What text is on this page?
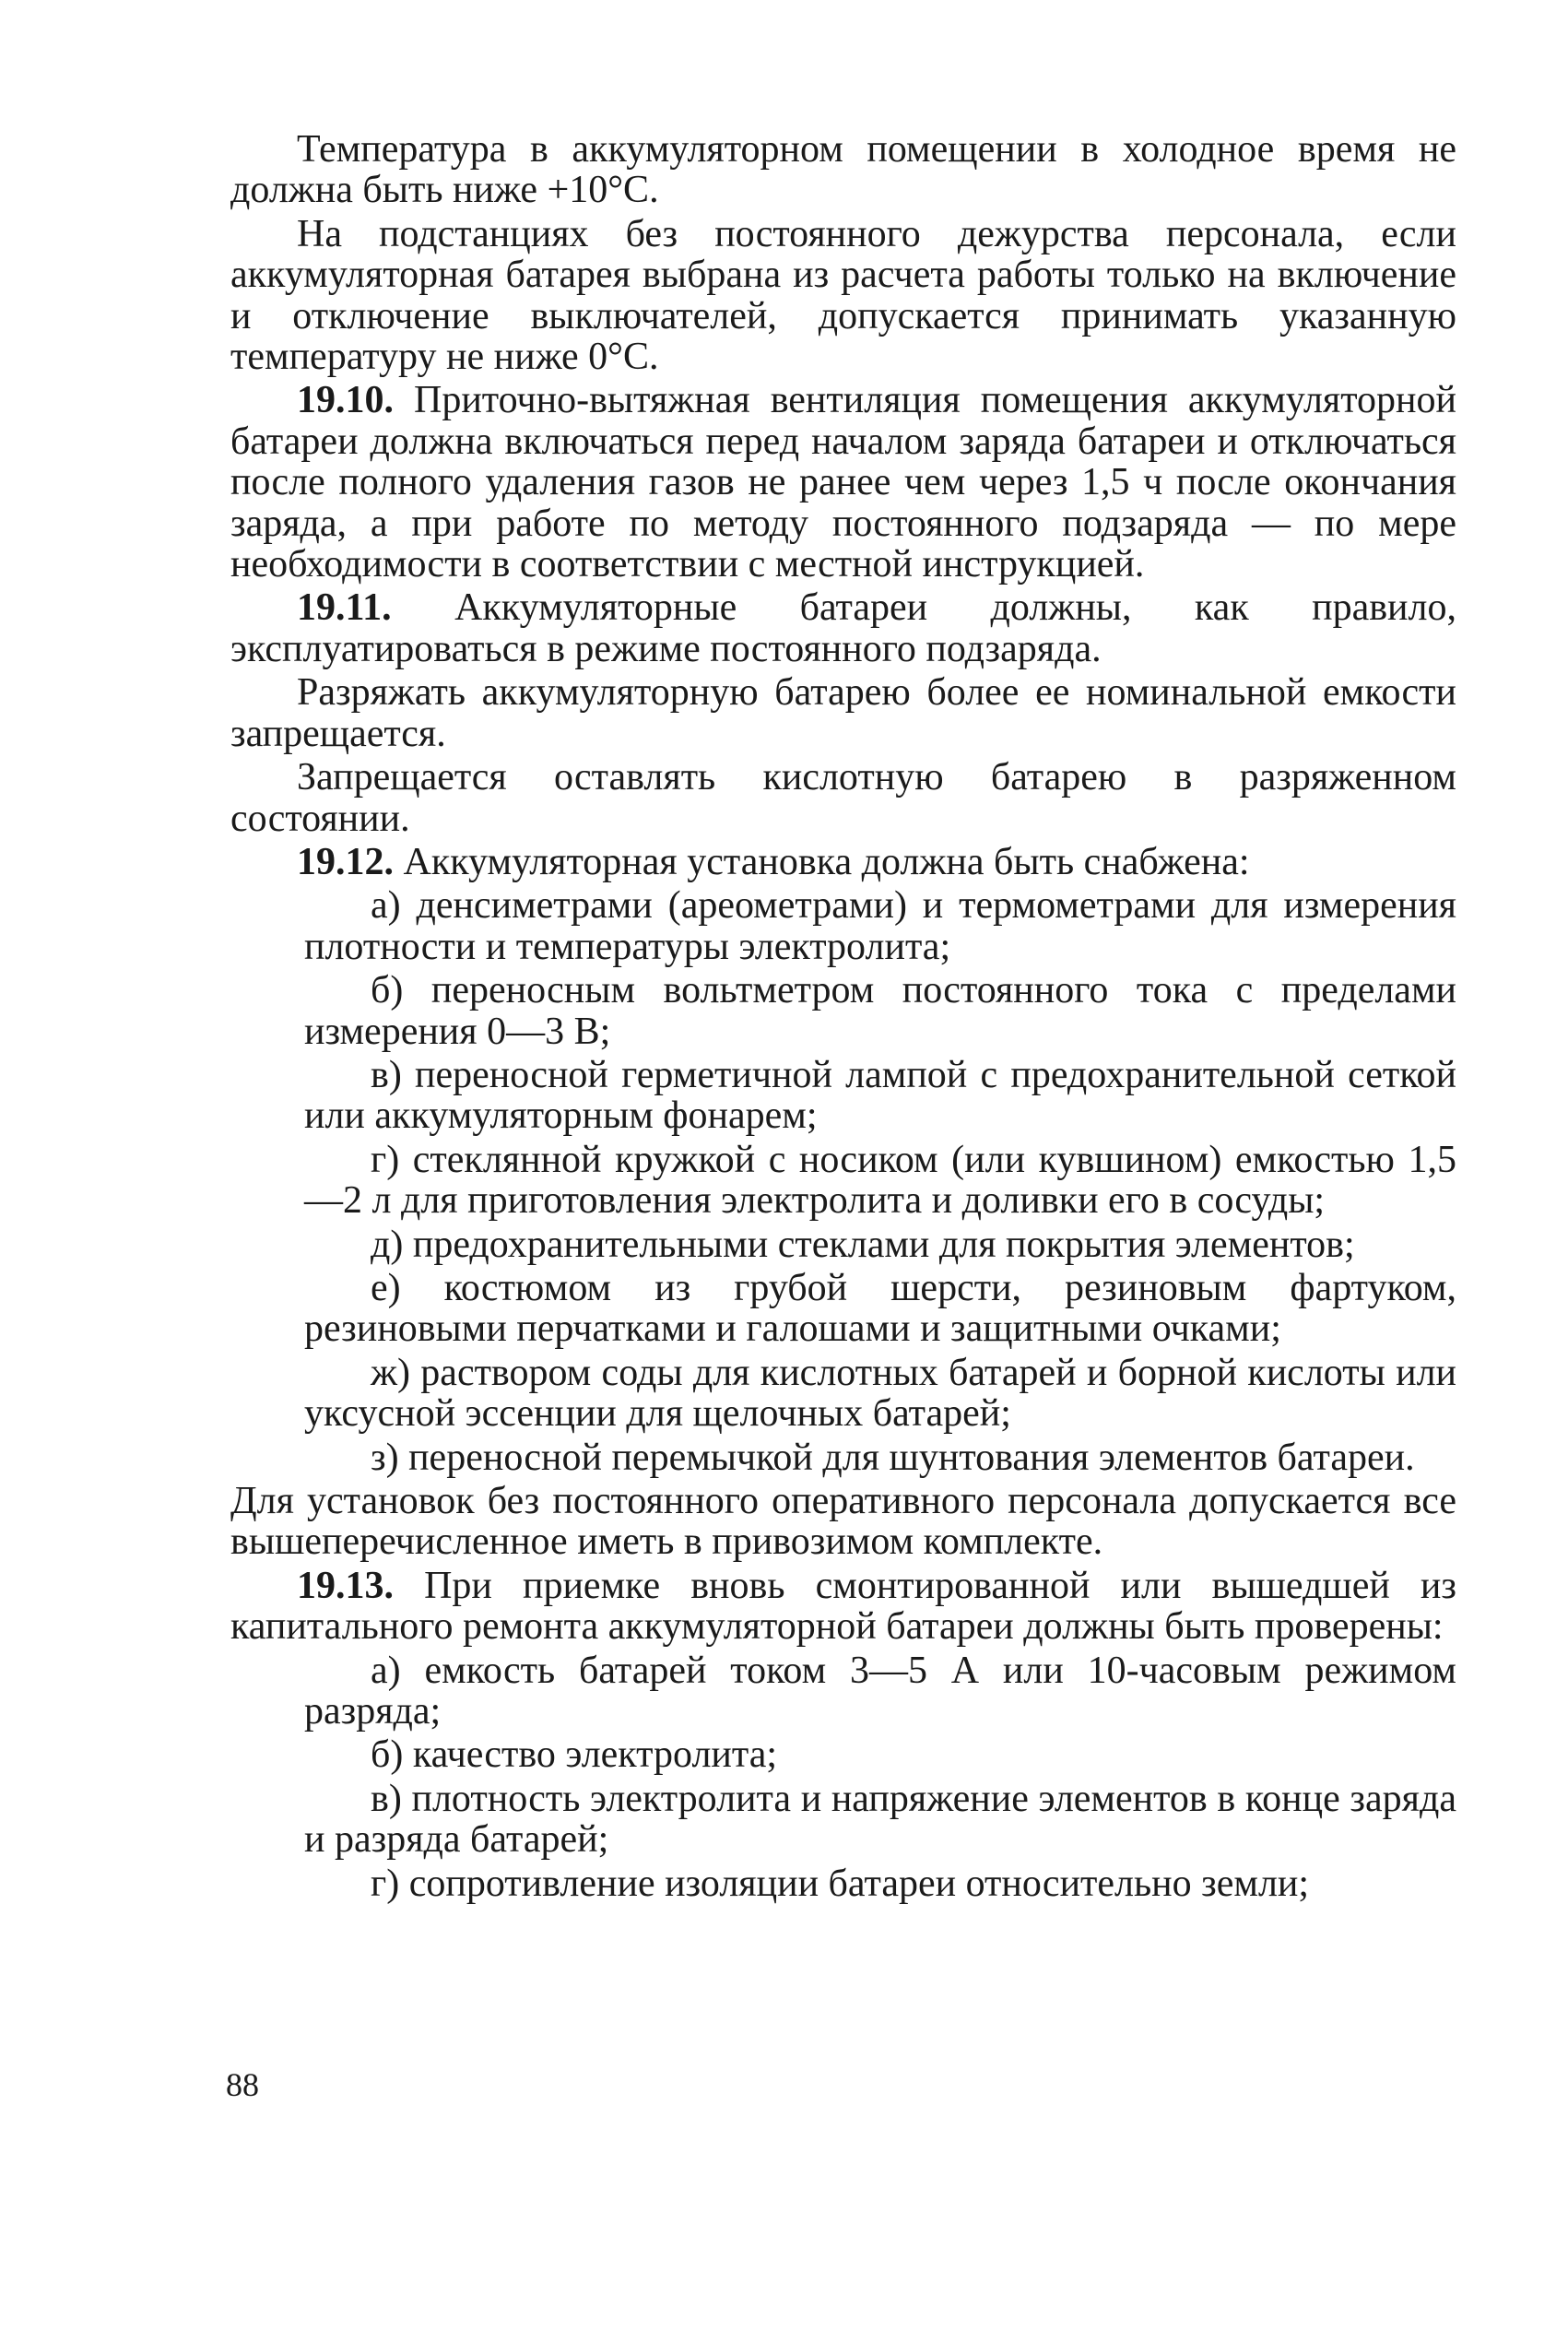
Температура в аккумуляторном помещении в холодное время не должна быть ниже +10°С.

На подстанциях без постоянного дежурства персонала, если аккумуляторная батарея выбрана из расчета работы только на включение и отключение выключателей, допускается принимать указанную температуру не ниже 0°С.

19.10. Приточно-вытяжная вентиляция помещения аккумуляторной батареи должна включаться перед началом заряда батареи и отключаться после полного удаления газов не ранее чем через 1,5 ч после окончания заряда, а при работе по методу постоянного подзаряда — по мере необходимости в соответствии с местной инструкцией.

19.11. Аккумуляторные батареи должны, как правило, эксплуатироваться в режиме постоянного подзаряда.

Разряжать аккумуляторную батарею более ее номинальной емкости запрещается.

Запрещается оставлять кислотную батарею в разряженном состоянии.

19.12. Аккумуляторная установка должна быть снабжена:

а) денсиметрами (ареометрами) и термометрами для измерения плотности и температуры электролита;

б) переносным вольтметром постоянного тока с пределами измерения 0—3 В;

в) переносной герметичной лампой с предохранительной сеткой или аккумуляторным фонарем;

г) стеклянной кружкой с носиком (или кувшином) емкостью 1,5—2 л для приготовления электролита и доливки его в сосуды;

д) предохранительными стеклами для покрытия элементов;

е) костюмом из грубой шерсти, резиновым фартуком, резиновыми перчатками и галошами и защитными очками;

ж) раствором соды для кислотных батарей и борной кислоты или уксусной эссенции для щелочных батарей;

з) переносной перемычкой для шунтования элементов батареи.

Для установок без постоянного оперативного персонала допускается все вышеперечисленное иметь в привозимом комплекте.

19.13. При приемке вновь смонтированной или вышедшей из капитального ремонта аккумуляторной батареи должны быть проверены:

а) емкость батарей током 3—5 А или 10-часовым режимом разряда;

б) качество электролита;

в) плотность электролита и напряжение элементов в конце заряда и разряда батарей;

г) сопротивление изоляции батареи относительно земли;

88
